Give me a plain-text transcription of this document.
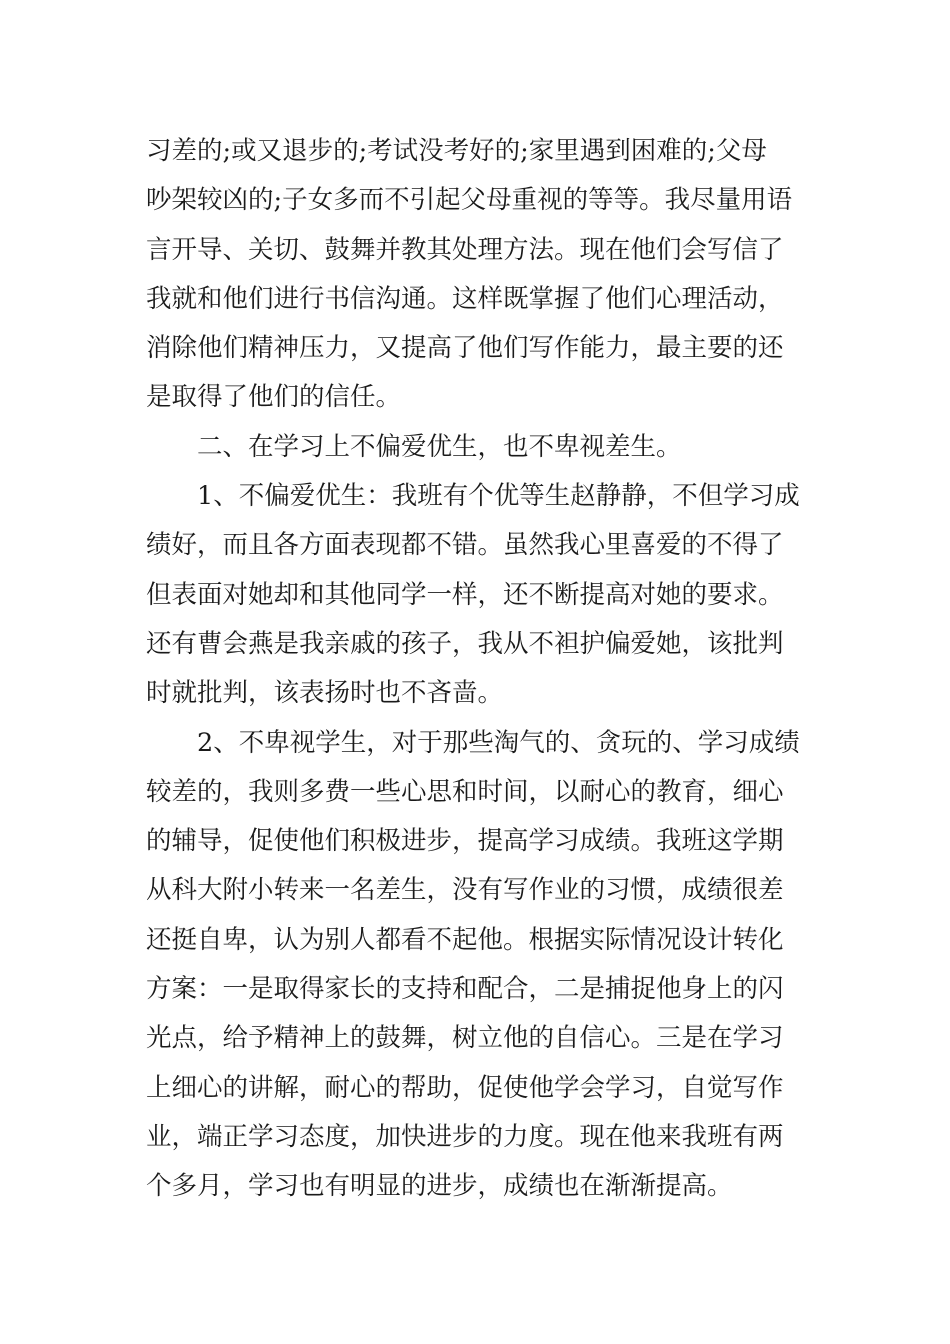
习差的;或又退步的;考试没考好的;家里遇到困难的;父母
吵架较凶的;子女多而不引起父母重视的等等。我尽量用语
言开导、关切、鼓舞并教其处理方法。现在他们会写信了
我就和他们进行书信沟通。这样既掌握了他们心理活动，
消除他们精神压力，又提高了他们写作能力，最主要的还
是取得了他们的信任。
二、在学习上不偏爱优生，也不卑视差生。
1、不偏爱优生：我班有个优等生赵静静，不但学习成
绩好，而且各方面表现都不错。虽然我心里喜爱的不得了
但表面对她却和其他同学一样，还不断提高对她的要求。
还有曹会燕是我亲戚的孩子，我从不袒护偏爱她，该批判
时就批判，该表扬时也不吝啬。
2、不卑视学生，对于那些淘气的、贪玩的、学习成绩
较差的，我则多费一些心思和时间，以耐心的教育，细心
的辅导，促使他们积极进步，提高学习成绩。我班这学期
从科大附小转来一名差生，没有写作业的习惯，成绩很差
还挺自卑，认为别人都看不起他。根据实际情况设计转化
方案：一是取得家长的支持和配合，二是捕捉他身上的闪
光点，给予精神上的鼓舞，树立他的自信心。三是在学习
上细心的讲解，耐心的帮助，促使他学会学习，自觉写作
业，端正学习态度，加快进步的力度。现在他来我班有两
个多月，学习也有明显的进步，成绩也在渐渐提高。
